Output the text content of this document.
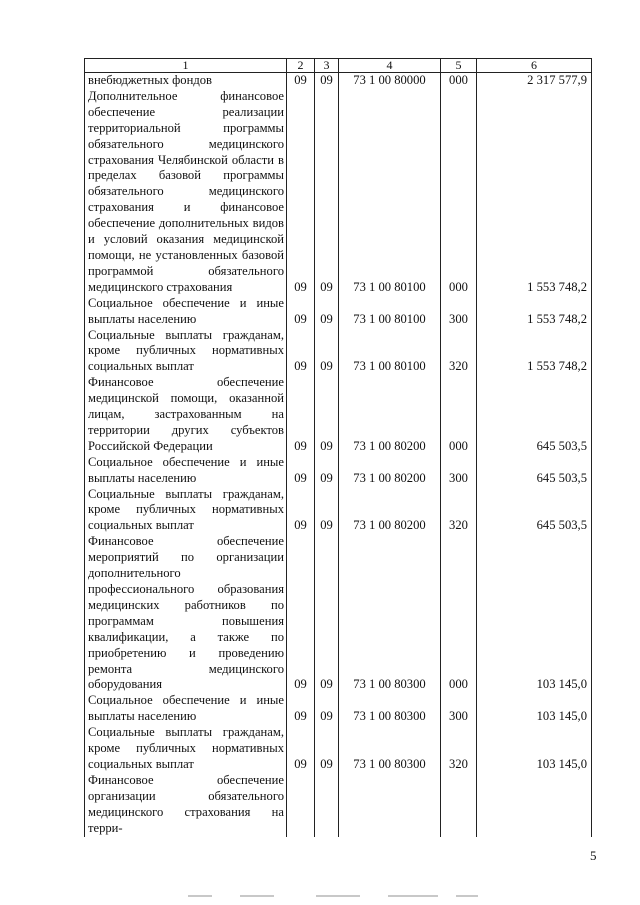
1	2	3	4	5	6
внебюджетных фондов	09	09	73 1 00 80000	000	2 317 577,9
Дополнительное финансовое обеспечение реализации территориальной программы обязательного медицинского страхования Челябинской области в пределах базовой программы обязательного медицинского страхования и финансовое обеспечение дополнительных видов и условий оказания медицинской помощи, не установленных базовой программой обязательного медицинского страхования	09	09	73 1 00 80100	000	1 553 748,2
Социальное обеспечение и иные выплаты населению	09	09	73 1 00 80100	300	1 553 748,2
Социальные выплаты гражданам, кроме публичных нормативных социальных выплат	09	09	73 1 00 80100	320	1 553 748,2
Финансовое обеспечение медицинской помощи, оказанной лицам, застрахованным на территории других субъектов Российской Федерации	09	09	73 1 00 80200	000	645 503,5
Социальное обеспечение и иные выплаты населению	09	09	73 1 00 80200	300	645 503,5
Социальные выплаты гражданам, кроме публичных нормативных социальных выплат	09	09	73 1 00 80200	320	645 503,5
Финансовое обеспечение мероприятий по организации дополнительного профессионального образования медицинских работников по программам повышения квалификации, а также по приобретению и проведению ремонта медицинского оборудования	09	09	73 1 00 80300	000	103 145,0
Социальное обеспечение и иные выплаты населению	09	09	73 1 00 80300	300	103 145,0
Социальные выплаты гражданам, кроме публичных нормативных социальных выплат	09	09	73 1 00 80300	320	103 145,0
Финансовое обеспечение организации обязательного медицинского страхования на терри-					
5
